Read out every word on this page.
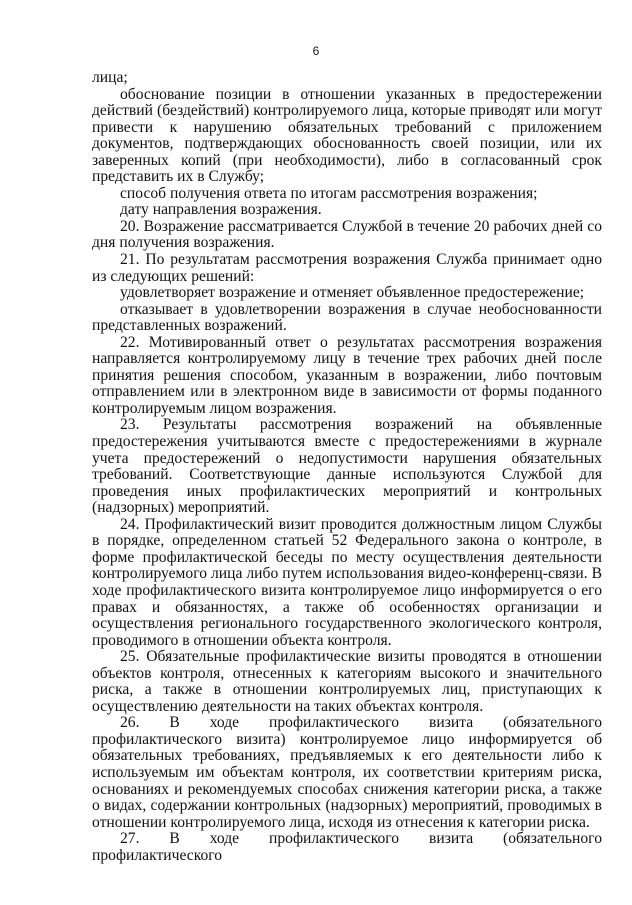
6

лица;

обоснование позиции в отношении указанных в предостережении действий (бездействий) контролируемого лица, которые приводят или могут привести к нарушению обязательных требований с приложением документов, подтверждающих обоснованность своей позиции, или их заверенных копий (при необходимости), либо в согласованный срок представить их в Службу;

способ получения ответа по итогам рассмотрения возражения;

дату направления возражения.

20. Возражение рассматривается Службой в течение 20 рабочих дней со дня получения возражения.

21. По результатам рассмотрения возражения Служба принимает одно из следующих решений:

удовлетворяет возражение и отменяет объявленное предостережение;

отказывает в удовлетворении возражения в случае необоснованности представленных возражений.

22. Мотивированный ответ о результатах рассмотрения возражения направляется контролируемому лицу в течение трех рабочих дней после принятия решения способом, указанным в возражении, либо почтовым отправлением или в электронном виде в зависимости от формы поданного контролируемым лицом возражения.

23. Результаты рассмотрения возражений на объявленные предостережения учитываются вместе с предостережениями в журнале учета предостережений о недопустимости нарушения обязательных требований. Соответствующие данные используются Службой для проведения иных профилактических мероприятий и контрольных (надзорных) мероприятий.

24. Профилактический визит проводится должностным лицом Службы в порядке, определенном статьей 52 Федерального закона о контроле, в форме профилактической беседы по месту осуществления деятельности контролируемого лица либо путем использования видео-конференц-связи. В ходе профилактического визита контролируемое лицо информируется о его правах и обязанностях, а также об особенностях организации и осуществления регионального государственного экологического контроля, проводимого в отношении объекта контроля.

25. Обязательные профилактические визиты проводятся в отношении объектов контроля, отнесенных к категориям высокого и значительного риска, а также в отношении контролируемых лиц, приступающих к осуществлению деятельности на таких объектах контроля.

26. В ходе профилактического визита (обязательного профилактического визита) контролируемое лицо информируется об обязательных требованиях, предъявляемых к его деятельности либо к используемым им объектам контроля, их соответствии критериям риска, основаниях и рекомендуемых способах снижения категории риска, а также о видах, содержании контрольных (надзорных) мероприятий, проводимых в отношении контролируемого лица, исходя из отнесения к категории риска.

27. В ходе профилактического визита (обязательного профилактического
